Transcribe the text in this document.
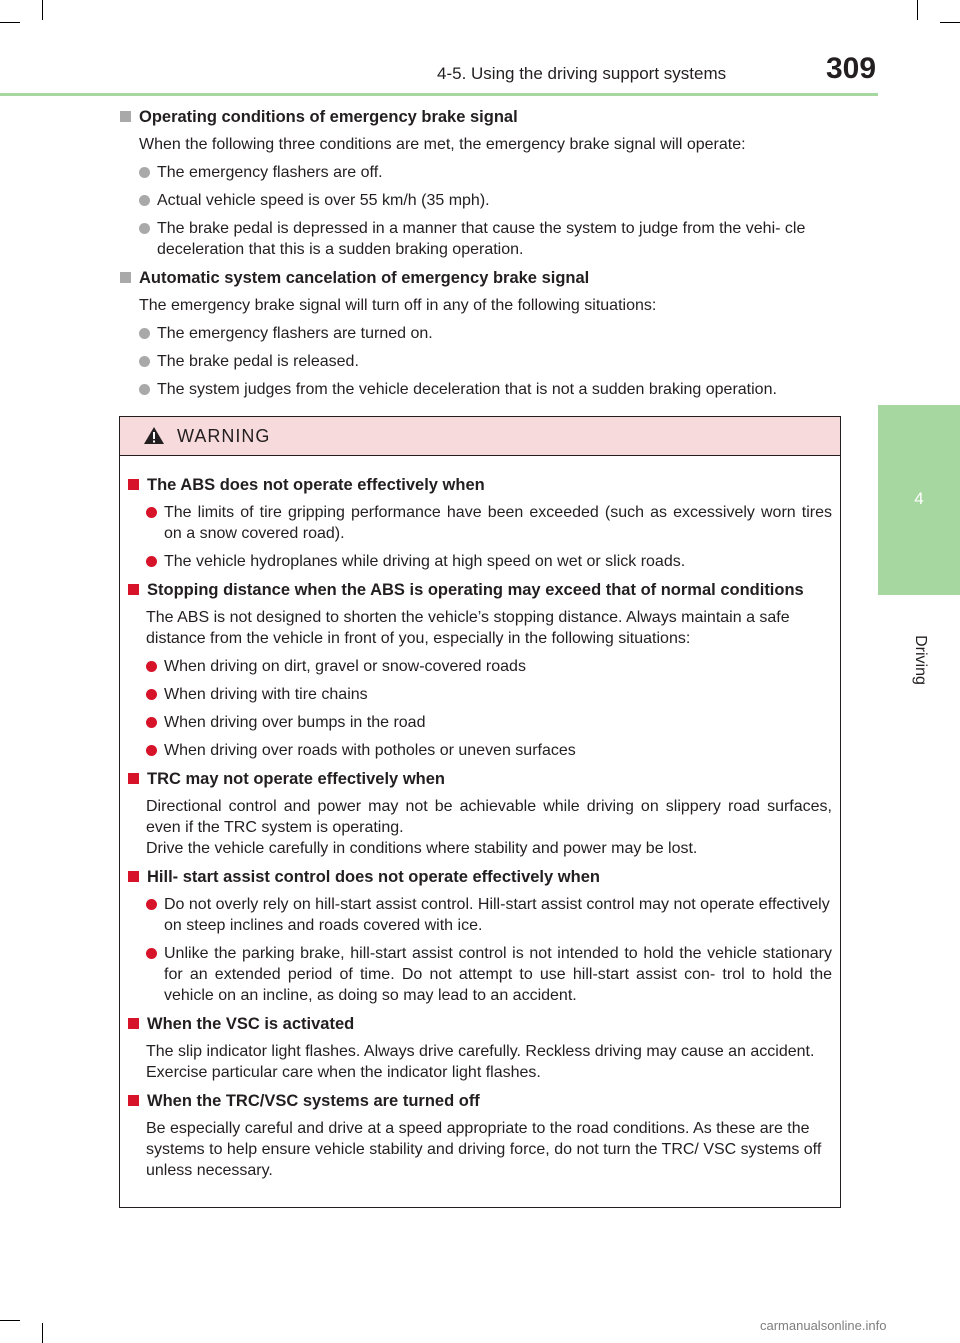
4-5. Using the driving support systems	309
4
Driving
Operating conditions of emergency brake signal
When the following three conditions are met, the emergency brake signal will operate:
The emergency flashers are off.
Actual vehicle speed is over 55 km/h (35 mph).
The brake pedal is depressed in a manner that cause the system to judge from the vehi- cle deceleration that this is a sudden braking operation.
Automatic system cancelation of emergency brake signal
The emergency brake signal will turn off in any of the following situations:
The emergency flashers are turned on.
The brake pedal is released.
The system judges from the vehicle deceleration that is not a sudden braking operation.
WARNING
The ABS does not operate effectively when
The limits of tire gripping performance have been exceeded (such as excessively worn tires on a snow covered road).
The vehicle hydroplanes while driving at high speed on wet or slick roads.
Stopping distance when the ABS is operating may exceed that of normal conditions
The ABS is not designed to shorten the vehicle’s stopping distance. Always maintain a safe distance from the vehicle in front of you, especially in the following situations:
When driving on dirt, gravel or snow-covered roads
When driving with tire chains
When driving over bumps in the road
When driving over roads with potholes or uneven surfaces
TRC may not operate effectively when
Directional control and power may not be achievable while driving on slippery road surfaces, even if the TRC system is operating.
Drive the vehicle carefully in conditions where stability and power may be lost.
Hill- start assist control does not operate effectively when
Do not overly rely on hill-start assist control. Hill-start assist control may not operate effectively on steep inclines and roads covered with ice.
Unlike the parking brake, hill-start assist control is not intended to hold the vehicle stationary for an extended period of time. Do not attempt to use hill-start assist con- trol to hold the vehicle on an incline, as doing so may lead to an accident.
When the VSC is activated
The slip indicator light flashes. Always drive carefully. Reckless driving may cause an accident. Exercise particular care when the indicator light flashes.
When the TRC/VSC systems are turned off
Be especially careful and drive at a speed appropriate to the road conditions. As these are the systems to help ensure vehicle stability and driving force, do not turn the TRC/ VSC systems off unless necessary.
carmanualsonline.info
